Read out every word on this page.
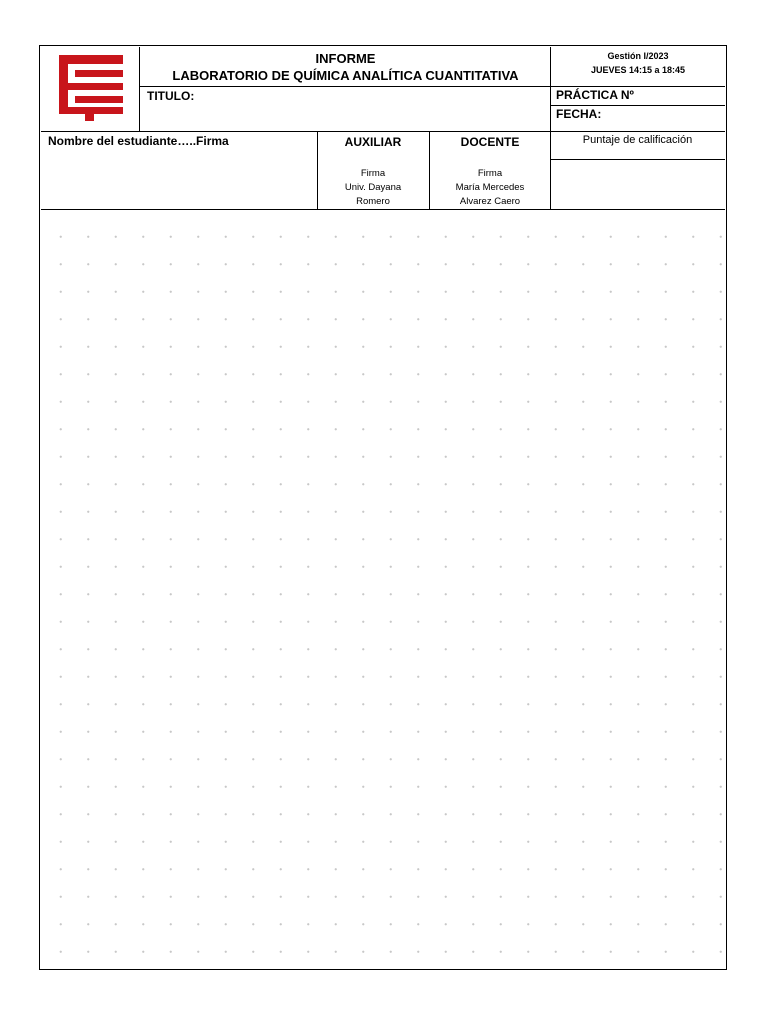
INFORME
LABORATORIO DE QUÍMICA ANALÍTICA CUANTITATIVA
TITULO:
Gestión I/2023
JUEVES 14:15 a 18:45
PRÁCTICA Nº
FECHA:
Nombre del estudiante…..Firma	AUXILIAR
Firma
Univ. Dayana
Romero
DOCENTE
Firma
María Mercedes
Alvarez Caero
Puntaje de calificación
